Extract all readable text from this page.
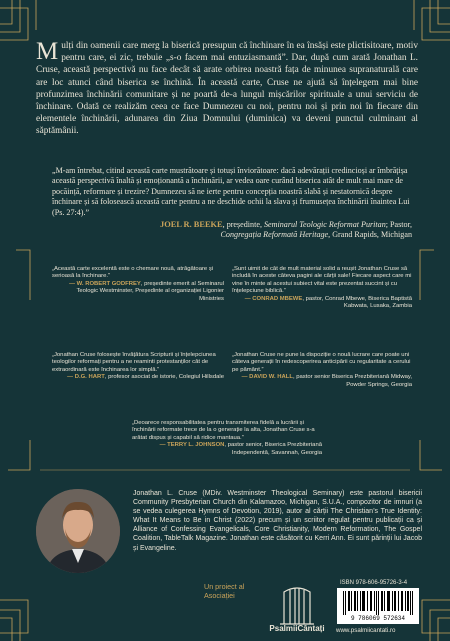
Mulți din oamenii care merg la biserică presupun că închinare în ea însăși este plictisitoare, motiv pentru care, ei zic, trebuie „s-o facem mai entuziasmantă”. Dar, după cum arată Jonathan L. Cruse, această perspectivă nu face decât să arate orbirea noastră fața de minunea supranaturală care are loc atunci când biserica se închină. În această carte, Cruse ne ajută să înțelegem mai bine profunzimea închinării comunitare și ne poartă de-a lungul mișcărilor spirituale a unui serviciu de închinare. Odată ce realizăm ceea ce face Dumnezeu cu noi, pentru noi și prin noi în fiecare din elementele închinării, adunarea din Ziua Domnului (duminica) va deveni punctul culminant al săptămânii.
„M-am întrebat, citind această carte mustrătoare și totuși înviorătoare: dacă adevărații credincioși ar îmbrățișa această perspectivă înaltă și emoționantă a închinării, ar vedea oare curând biserica atât de mult mai mare de pocăință, reformare și trezire? Dumnezeu să ne ierte pentru concepția noastră slabă și nestatornică despre închinare și să folosească această carte pentru a ne deschide ochii la slava și frumusețea închinării înaintea Lui (Ps. 27:4).”
JOEL R. BEEKE, președinte, Seminarul Teologic Reformat Puritan; Pastor,
Congregația Reformată Heritage, Grand Rapids, Michigan
„Această carte excelentă este o chemare nouă, atrăgătoare și serioasă la închinare.”
— W. ROBERT GODFREY, președinte emerit al Seminarul Teologic Westminster, Președinte al organizației Ligonier Ministries
„Sunt uimit de cât de mult material solid a reușit Jonathan Cruse să includă în aceste câteva pagini ale cărții sale! Fiecare aspect care mi vine în minte al acestui subiect vital este prezentat succint și cu înțelepciune biblică.”
— CONRAD MBEWE, pastor, Conrad Mbewe, Biserica Baptistă Kabwata, Lusaka, Zambia
„Jonathan Cruse folosește învățătura Scripturii și înțelepciunea teologilor reformați pentru a ne reaminti protestanților cât de extraordinară este închinarea lor simplă.”
— D.G. HART, profesor asociat de istorie, Colegiul Hillsdale
„Jonathan Cruse ne pune la dispoziție o nouă lucrare care poate uni câteva generații în redescoperirea anticipării cu regularitate a cerului pe pământ.”
— DAVID W. HALL, pastor senior Biserica Prezbiteriană Midway, Powder Springs, Georgia
„Deoarece responsabilitatea pentru transmiterea fidelă a lucrării și închinării reformate trece de la o generație la alta, Jonathan Cruse s-a arătat dispus și capabil să ridice mantaua.”
— TERRY L. JOHNSON, pastor senior, Biserica Prezbiteriană Independentă, Savannah, Georgia
Jonathan L. Cruse (MDiv. Westminster Theological Seminary) este pastorul bisericii Community Presbyterian Church din Kalamazoo, Michigan, S.U.A., compozitor de imnuri (a se vedea culegerea Hymns of Devotion, 2019), autor al cărții The Christian’s True Identity: What It Means to Be in Christ (2022) precum și un scriitor regulat pentru publicații ca și Alliance of Confessing Evangelicals, Core Christianity, Modern Reformation, The Gospel Coalition, TableTalk Magazine. Jonathan este căsătorit cu Kerri Ann. Ei sunt părinții lui Jacob și Evangeline.
Un proiect al Asociației
PsalmiiCântați
ISBN 978-606-95726-3-4
9 786069 572634
www.psalmiicantati.ro
